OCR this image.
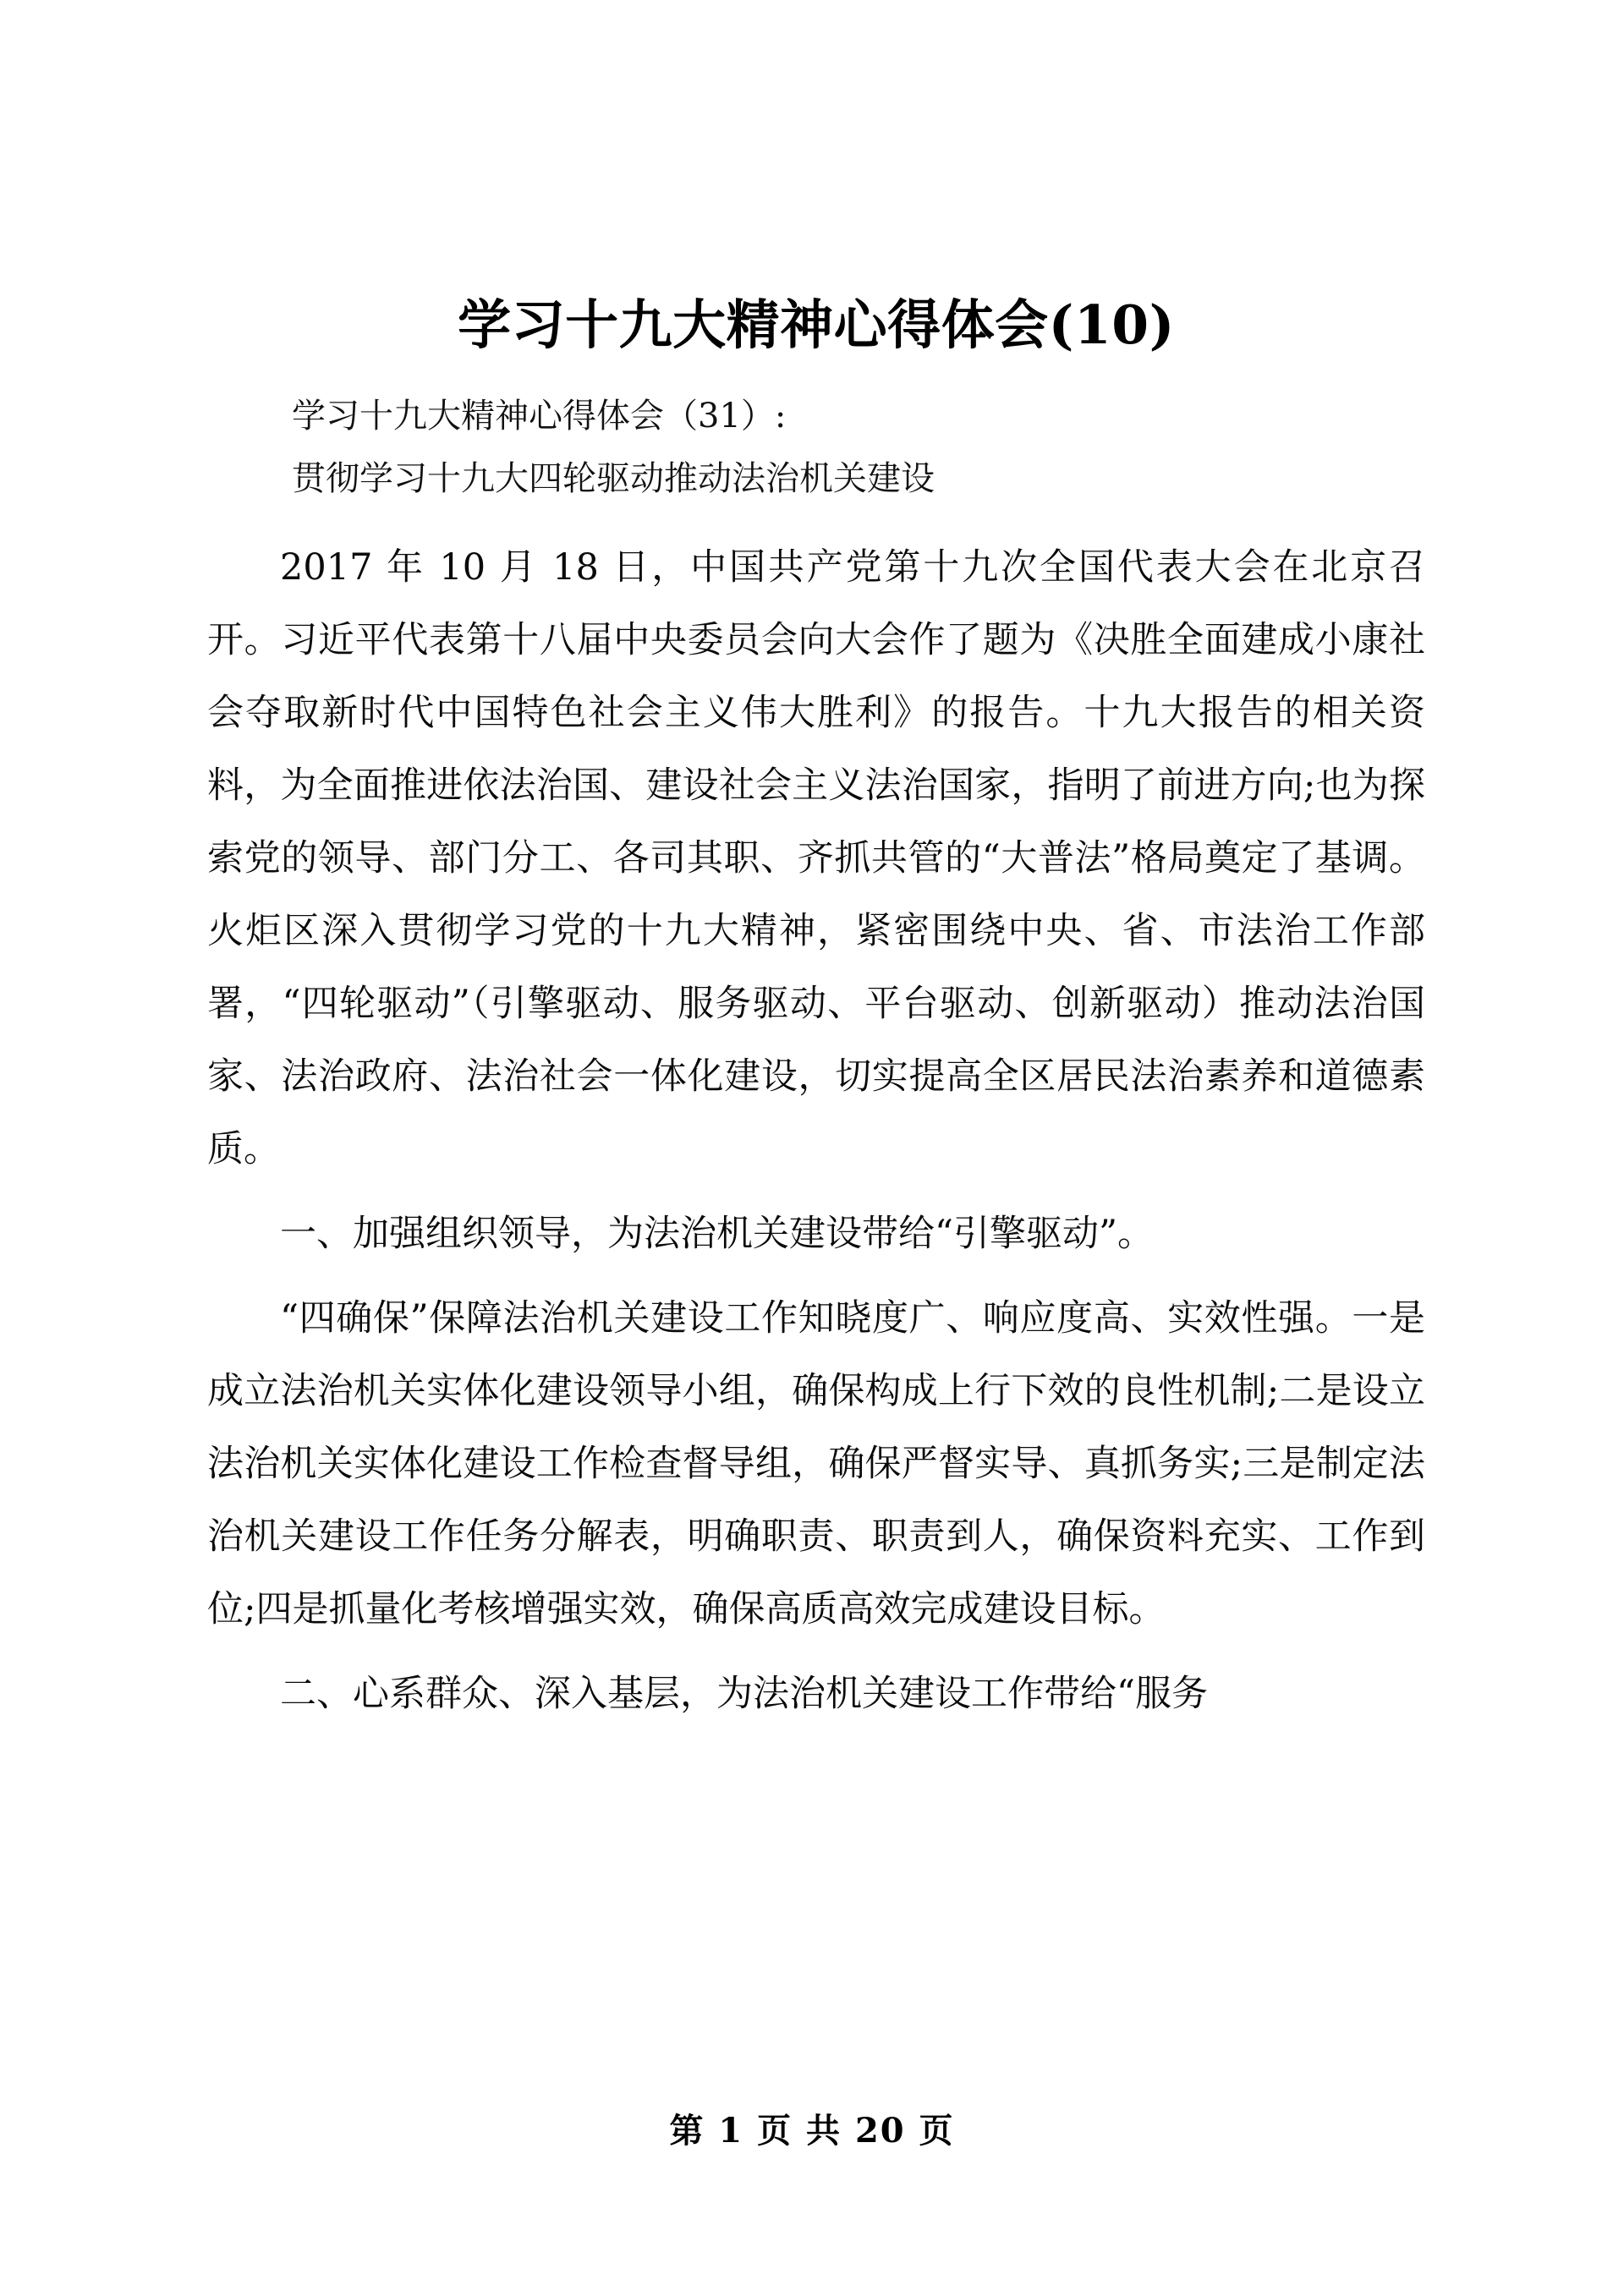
学习十九大精神心得体会(10)

学习十九大精神心得体会（31）:

贯彻学习十九大四轮驱动推动法治机关建设

2017 年 10 月 18 日，中国共产党第十九次全国代表大会在北京召开。习近平代表第十八届中央委员会向大会作了题为《决胜全面建成小康社会夺取新时代中国特色社会主义伟大胜利》的报告。十九大报告的相关资料，为全面推进依法治国、建设社会主义法治国家，指明了前进方向;也为探索党的领导、部门分工、各司其职、齐抓共管的“大普法”格局奠定了基调。火炬区深入贯彻学习党的十九大精神，紧密围绕中央、省、市法治工作部署，“四轮驱动”（引擎驱动、服务驱动、平台驱动、创新驱动）推动法治国家、法治政府、法治社会一体化建设，切实提高全区居民法治素养和道德素质。

一、加强组织领导，为法治机关建设带给“引擎驱动”。

“四确保”保障法治机关建设工作知晓度广、响应度高、实效性强。一是成立法治机关实体化建设领导小组，确保构成上行下效的良性机制;二是设立法治机关实体化建设工作检查督导组，确保严督实导、真抓务实;三是制定法治机关建设工作任务分解表，明确职责、职责到人，确保资料充实、工作到位;四是抓量化考核增强实效，确保高质高效完成建设目标。

二、心系群众、深入基层，为法治机关建设工作带给“服务

第 1 页 共 20 页
